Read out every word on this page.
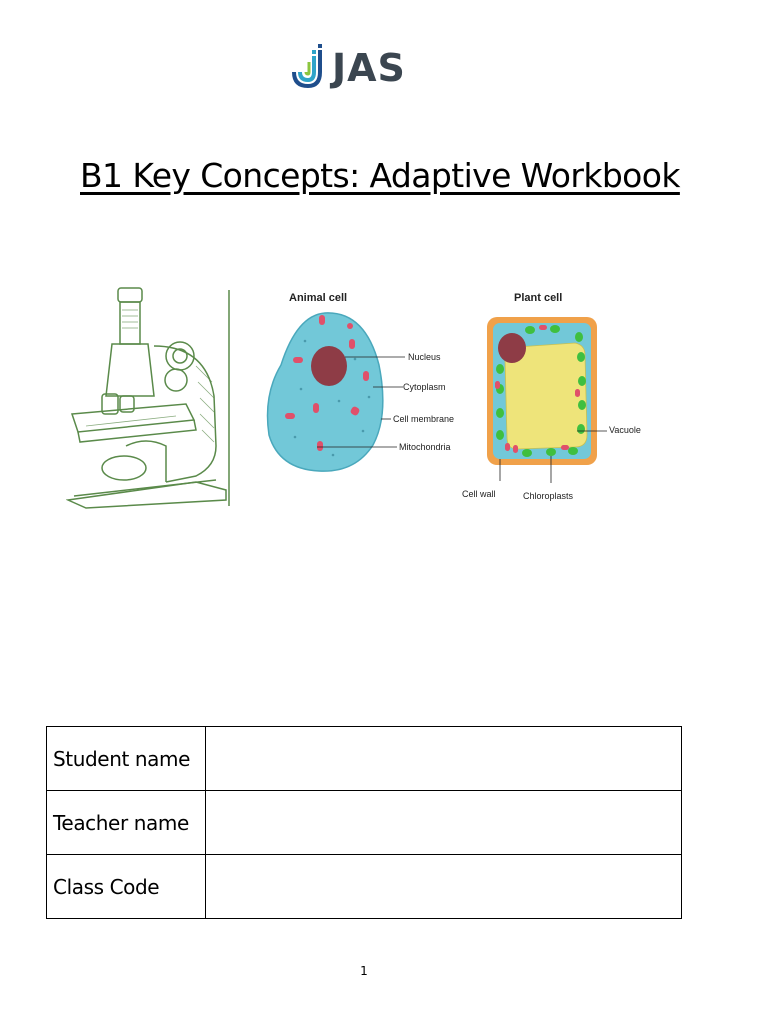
JAS
B1 Key Concepts: Adaptive Workbook
Animal cell	Plant cell
Nucleus
Cytoplasm
Cell membrane
Mitochondria
Vacuole
Cell wall	Chloroplasts
Student name	
Teacher name	
Class Code	
1
